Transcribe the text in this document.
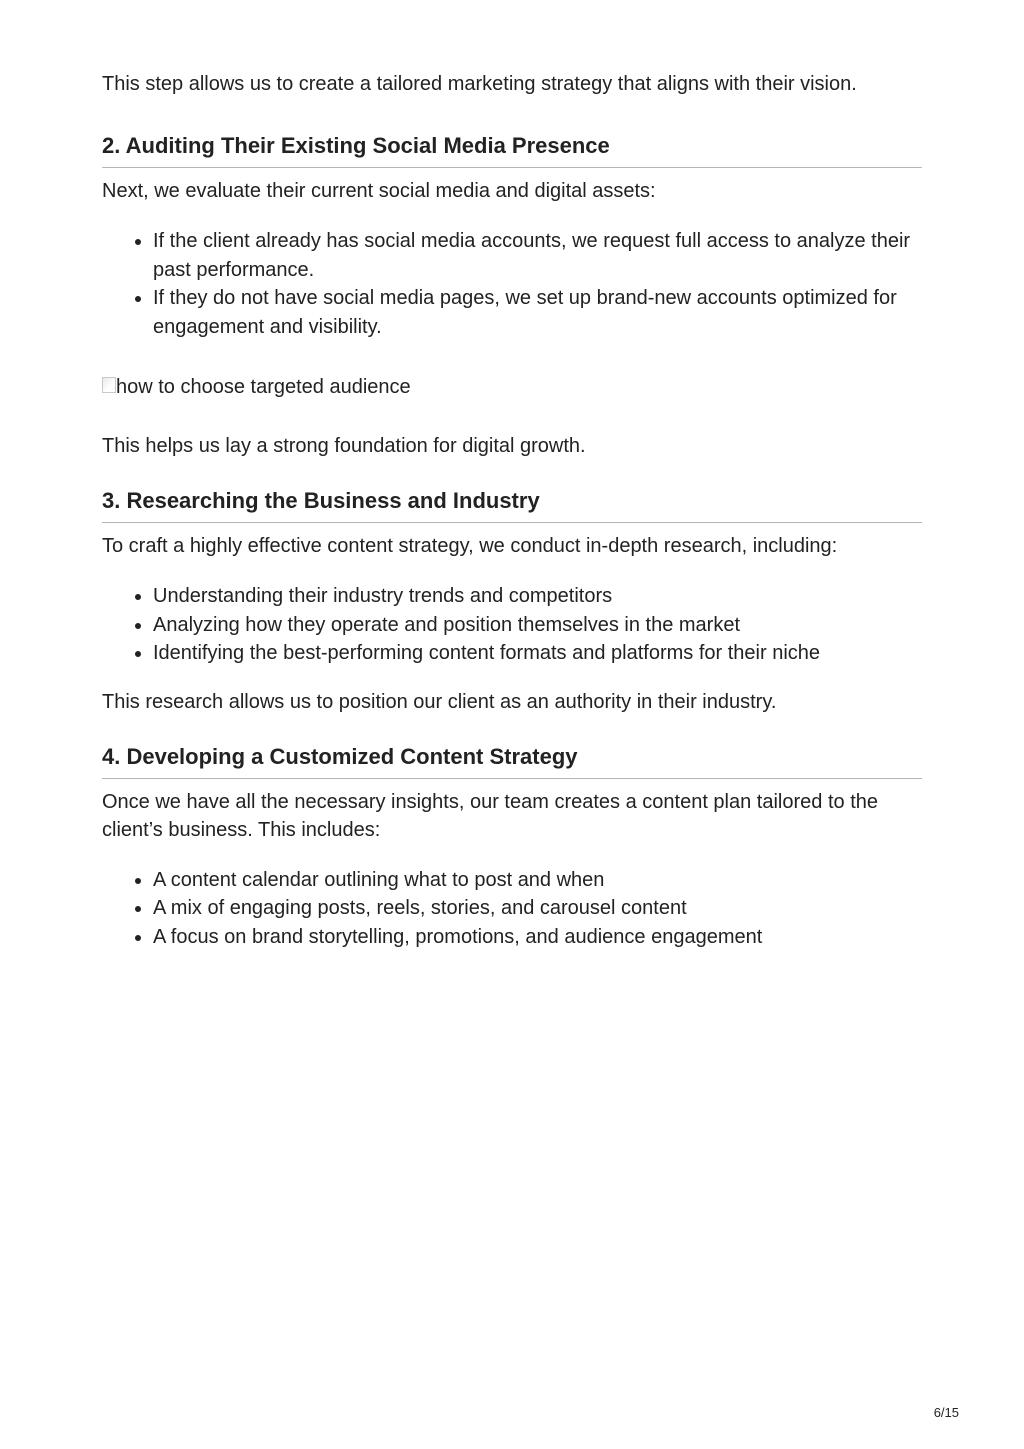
This step allows us to create a tailored marketing strategy that aligns with their vision.

2. Auditing Their Existing Social Media Presence

Next, we evaluate their current social media and digital assets:

• If the client already has social media accounts, we request full access to analyze their past performance.
• If they do not have social media pages, we set up brand-new accounts optimized for engagement and visibility.
how to choose targeted audience

This helps us lay a strong foundation for digital growth.

3. Researching the Business and Industry

To craft a highly effective content strategy, we conduct in-depth research, including:

• Understanding their industry trends and competitors
• Analyzing how they operate and position themselves in the market
• Identifying the best-performing content formats and platforms for their niche

This research allows us to position our client as an authority in their industry.

4. Developing a Customized Content Strategy

Once we have all the necessary insights, our team creates a content plan tailored to the client’s business. This includes:

• A content calendar outlining what to post and when
• A mix of engaging posts, reels, stories, and carousel content
• A focus on brand storytelling, promotions, and audience engagement
6/15
